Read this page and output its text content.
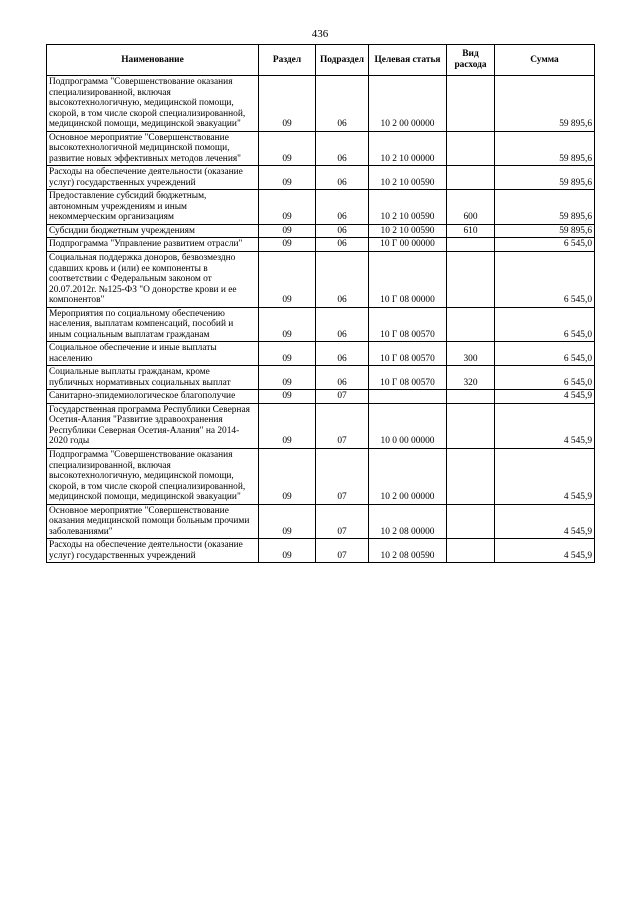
436
Наименование	Раздел	Подраздел	Целевая статья	Вид расхода	Сумма
Подпрограмма "Совершенствование оказания специализированной, включая высокотехнологичную, медицинской помощи, скорой, в том числе скорой специализированной, медицинской помощи, медицинской эвакуации"	09	06	10 2 00 00000		59 895,6
Основное мероприятие "Совершенствование высокотехнологичной медицинской помощи, развитие новых эффективных методов лечения"	09	06	10 2 10 00000		59 895,6
Расходы на обеспечение деятельности (оказание услуг) государственных учреждений	09	06	10 2 10 00590		59 895,6
Предоставление субсидий бюджетным, автономным учреждениям и иным некоммерческим организациям	09	06	10 2 10 00590	600	59 895,6
Субсидии бюджетным учреждениям	09	06	10 2 10 00590	610	59 895,6
Подпрограмма "Управление развитием отрасли"	09	06	10 Г 00 00000		6 545,0
Социальная поддержка доноров, безвозмездно сдавших кровь и (или) ее компоненты в соответствии с Федеральным законом от 20.07.2012г. №125-ФЗ "О донорстве крови и ее компонентов"	09	06	10 Г 08 00000		6 545,0
Мероприятия по социальному обеспечению населения, выплатам компенсаций, пособий и иным социальным выплатам гражданам	09	06	10 Г 08 00570		6 545,0
Социальное обеспечение и иные выплаты населению	09	06	10 Г 08 00570	300	6 545,0
Социальные выплаты гражданам, кроме публичных нормативных социальных выплат	09	06	10 Г 08 00570	320	6 545,0
Санитарно-эпидемиологическое благополучие	09	07			4 545,9
Государственная программа Республики Северная Осетия-Алания "Развитие здравоохранения Республики Северная Осетия-Алания" на 2014-2020 годы	09	07	10 0 00 00000		4 545,9
Подпрограмма "Совершенствование оказания специализированной, включая высокотехнологичную, медицинской помощи, скорой, в том числе скорой специализированной, медицинской помощи, медицинской эвакуации"	09	07	10 2 00 00000		4 545,9
Основное мероприятие "Совершенствование оказания медицинской помощи больным прочими заболеваниями"	09	07	10 2 08 00000		4 545,9
Расходы на обеспечение деятельности (оказание услуг) государственных учреждений	09	07	10 2 08 00590		4 545,9
